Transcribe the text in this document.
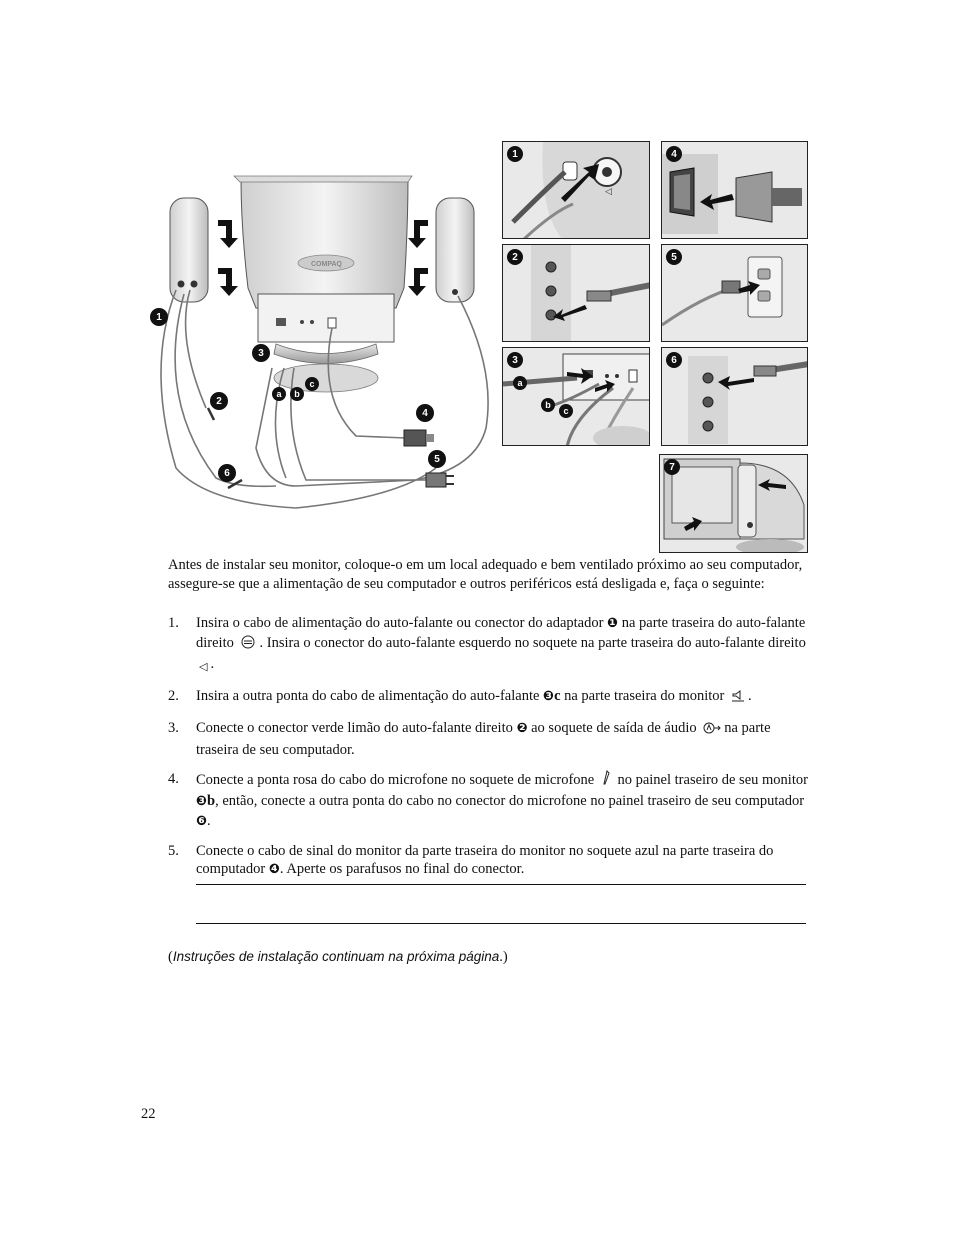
COMPAQ
1
2
3
4
5
6
a	b
c
◁
1
2
3
a
b
c
4
5
6
7

Antes de instalar seu monitor, coloque-o em um local adequado e bem ventilado próximo ao seu computador, assegure-se que a alimentação de seu computador e outros periféricos está desligada e, faça o seguinte:

1. Insira o cabo de alimentação do auto-falante ou conector do adaptador ❶ na parte traseira do auto-falante direito . Insira o conector do auto-falante esquerdo no soquete na parte traseira do auto-falante direito ◁ .
2. Insira a outra ponta do cabo de alimentação do auto-falante ❸c na parte traseira do monitor .
3. Conecte o conector verde limão do auto-falante direito ❷ ao soquete de saída de áudio na parte traseira de seu computador.
4. Conecte a ponta rosa do cabo do microfone no soquete de microfone  no painel traseiro de seu monitor ❸b, então, conecte a outra ponta do cabo no conector do microfone no painel traseiro de seu computador ❻.
5. Conecte o cabo de sinal do monitor da parte traseira do monitor no soquete azul na parte traseira do computador ❹. Aperte os parafusos no final do conector.
(Instruções de instalação continuam na próxima página.)
22
